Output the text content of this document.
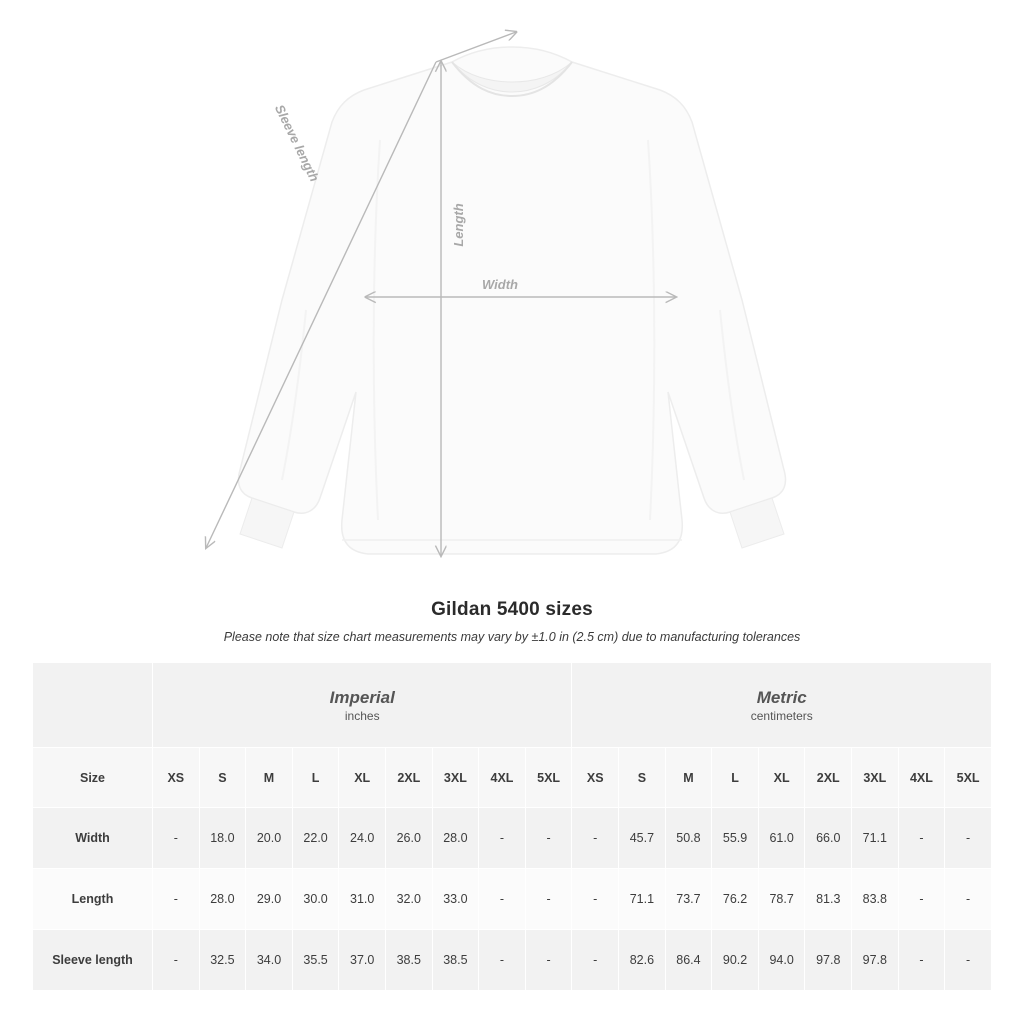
Length
Width
Sleeve length
Gildan 5400 sizes
Please note that size chart measurements may vary by ±1.0 in (2.5 cm) due to manufacturing tolerances

Imperial
inches

Metric
centimeters

Size	XS	S	M	L	XL	2XL	3XL	4XL	5XL	XS	S	M	L	XL	2XL	3XL	4XL	5XL
Width	-	18.0	20.0	22.0	24.0	26.0	28.0	-	-	-	45.7	50.8	55.9	61.0	66.0	71.1	-	-
Length	-	28.0	29.0	30.0	31.0	32.0	33.0	-	-	-	71.1	73.7	76.2	78.7	81.3	83.8	-	-
Sleeve length	-	32.5	34.0	35.5	37.0	38.5	38.5	-	-	-	82.6	86.4	90.2	94.0	97.8	97.8	-	-
